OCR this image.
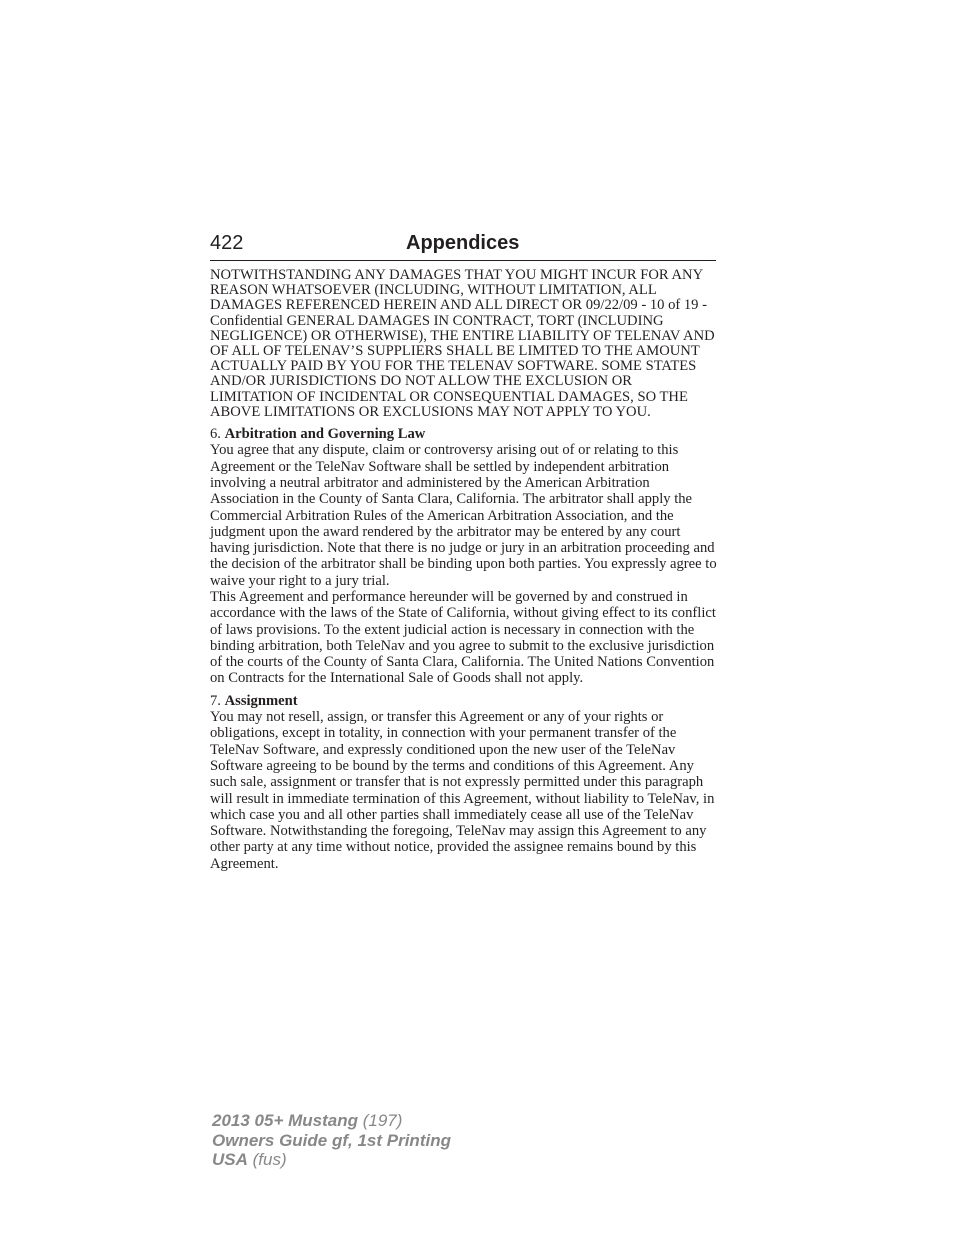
422	Appendices

NOTWITHSTANDING ANY DAMAGES THAT YOU MIGHT INCUR FOR ANY REASON WHATSOEVER (INCLUDING, WITHOUT LIMITATION, ALL DAMAGES REFERENCED HEREIN AND ALL DIRECT OR 09/22/09 - 10 of 19 - Confidential GENERAL DAMAGES IN CONTRACT, TORT (INCLUDING NEGLIGENCE) OR OTHERWISE), THE ENTIRE LIABILITY OF TELENAV AND OF ALL OF TELENAV’S SUPPLIERS SHALL BE LIMITED TO THE AMOUNT ACTUALLY PAID BY YOU FOR THE TELENAV SOFTWARE. SOME STATES AND/OR JURISDICTIONS DO NOT ALLOW THE EXCLUSION OR LIMITATION OF INCIDENTAL OR CONSEQUENTIAL DAMAGES, SO THE ABOVE LIMITATIONS OR EXCLUSIONS MAY NOT APPLY TO YOU.

6. Arbitration and Governing Law

You agree that any dispute, claim or controversy arising out of or relating to this Agreement or the TeleNav Software shall be settled by independent arbitration involving a neutral arbitrator and administered by the American Arbitration Association in the County of Santa Clara, California. The arbitrator shall apply the Commercial Arbitration Rules of the American Arbitration Association, and the judgment upon the award rendered by the arbitrator may be entered by any court having jurisdiction. Note that there is no judge or jury in an arbitration proceeding and the decision of the arbitrator shall be binding upon both parties. You expressly agree to waive your right to a jury trial.

This Agreement and performance hereunder will be governed by and construed in accordance with the laws of the State of California, without giving effect to its conflict of laws provisions. To the extent judicial action is necessary in connection with the binding arbitration, both TeleNav and you agree to submit to the exclusive jurisdiction of the courts of the County of Santa Clara, California. The United Nations Convention on Contracts for the International Sale of Goods shall not apply.

7. Assignment

You may not resell, assign, or transfer this Agreement or any of your rights or obligations, except in totality, in connection with your permanent transfer of the TeleNav Software, and expressly conditioned upon the new user of the TeleNav Software agreeing to be bound by the terms and conditions of this Agreement. Any such sale, assignment or transfer that is not expressly permitted under this paragraph will result in immediate termination of this Agreement, without liability to TeleNav, in which case you and all other parties shall immediately cease all use of the TeleNav Software. Notwithstanding the foregoing, TeleNav may assign this Agreement to any other party at any time without notice, provided the assignee remains bound by this Agreement.

2013 05+ Mustang (197)
Owners Guide gf, 1st Printing
USA (fus)
